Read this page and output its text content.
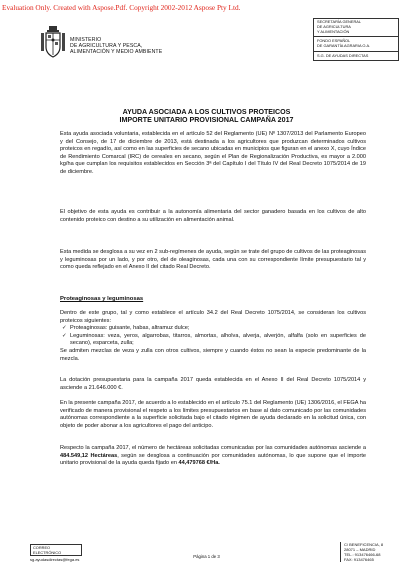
Evaluation Only. Created with Aspose.Pdf. Copyright 2002-2012 Aspose Pty Ltd.
MINISTERIO
DE AGRICULTURA Y PESCA,
ALIMENTACIÓN Y MEDIO AMBIENTE
SECRETARÍA GENERAL
DE AGRICULTURA
Y ALIMENTACIÓN
FONDO ESPAÑOL
DE GARANTÍA AGRARIA O.A.
S.G. DE AYUDAS DIRECTAS
AYUDA ASOCIADA A LOS CULTIVOS PROTEICOS
IMPORTE UNITARIO PROVISIONAL CAMPAÑA 2017
Esta ayuda asociada voluntaria, establecida en el artículo 52 del Reglamento (UE) Nº 1307/2013 del Parlamento Europeo y del Consejo, de 17 de diciembre de 2013, está destinada a los agricultores que produzcan determinados cultivos proteicos en regadío, así como en las superficies de secano ubicadas en municipios que figuran en el anexo X, cuyo Índice de Rendimiento Comarcal (IRC) de cereales en secano, según el Plan de Regionalización Productiva, es mayor a 2.000 kg/ha que cumplan los requisitos establecidos en Sección 3ª del Capítulo I del Título IV del Real Decreto 1075/2014 de 19 de diciembre.
El objetivo de esta ayuda es contribuir a la autonomía alimentaria del sector ganadero basada en los cultivos de alto contenido proteico con destino a su utilización en alimentación animal.
Esta medida se desglosa a su vez en 2 sub-regímenes de ayuda, según se trate del grupo de cultivos de las proteaginosas y leguminosas por un lado, y por otro, del de oleaginosas, cada una con su correspondiente límite presupuestario tal y como queda reflejado en el Anexo II del citado Real Decreto.
Proteaginosas y leguminosas
Dentro de este grupo, tal y como establece el artículo 34.2 del Real Decreto 1075/2014, se consideran los cultivos proteicos siguientes:
✓ Proteaginosas: guisante, habas, altramuz dulce;
✓ Leguminosas: veza, yeros, algarrobas, titarros, almortas, alholva, alverja, alverjón, alfalfa (solo en superficies de secano), esparceta, zulla;
Se admiten mezclas de veza y zulla con otros cultivos, siempre y cuando éstos no sean la especie predominante de la mezcla.
La dotación presupuestaria para la campaña 2017 queda establecida en el Anexo II del Real Decreto 1075/2014 y asciende a 21.646.000 €.
En la presente campaña 2017, de acuerdo a lo establecido en el artículo 75.1 del Reglamento (UE) 1306/2016, el FEGA ha verificado de manera provisional el respeto a los límites presupuestarios en base al dato comunicado por las comunidades autónomas correspondiente a la superficie solicitada bajo el citado régimen de ayuda declarado en la solicitud única, con objeto de poder abonar a los agricultores el pago del anticipo.
Respecto la campaña 2017, el número de hectáreas solicitadas comunicadas por las comunidades autónomas asciende a 484.549,12 Hectáreas, según se desglosa a continuación por comunidades autónomas, lo que supone que el importe unitario provisional de la ayuda queda fijado en 44,479768 €/Ha.
CORREO ELECTRÓNICO
sg.ayudasdirectas@fega.es
Página 1 de 3
C/ BENEFICENCIA, 8
28071 – MADRID
TEL.: 913476466-68
FAX: 913476465
